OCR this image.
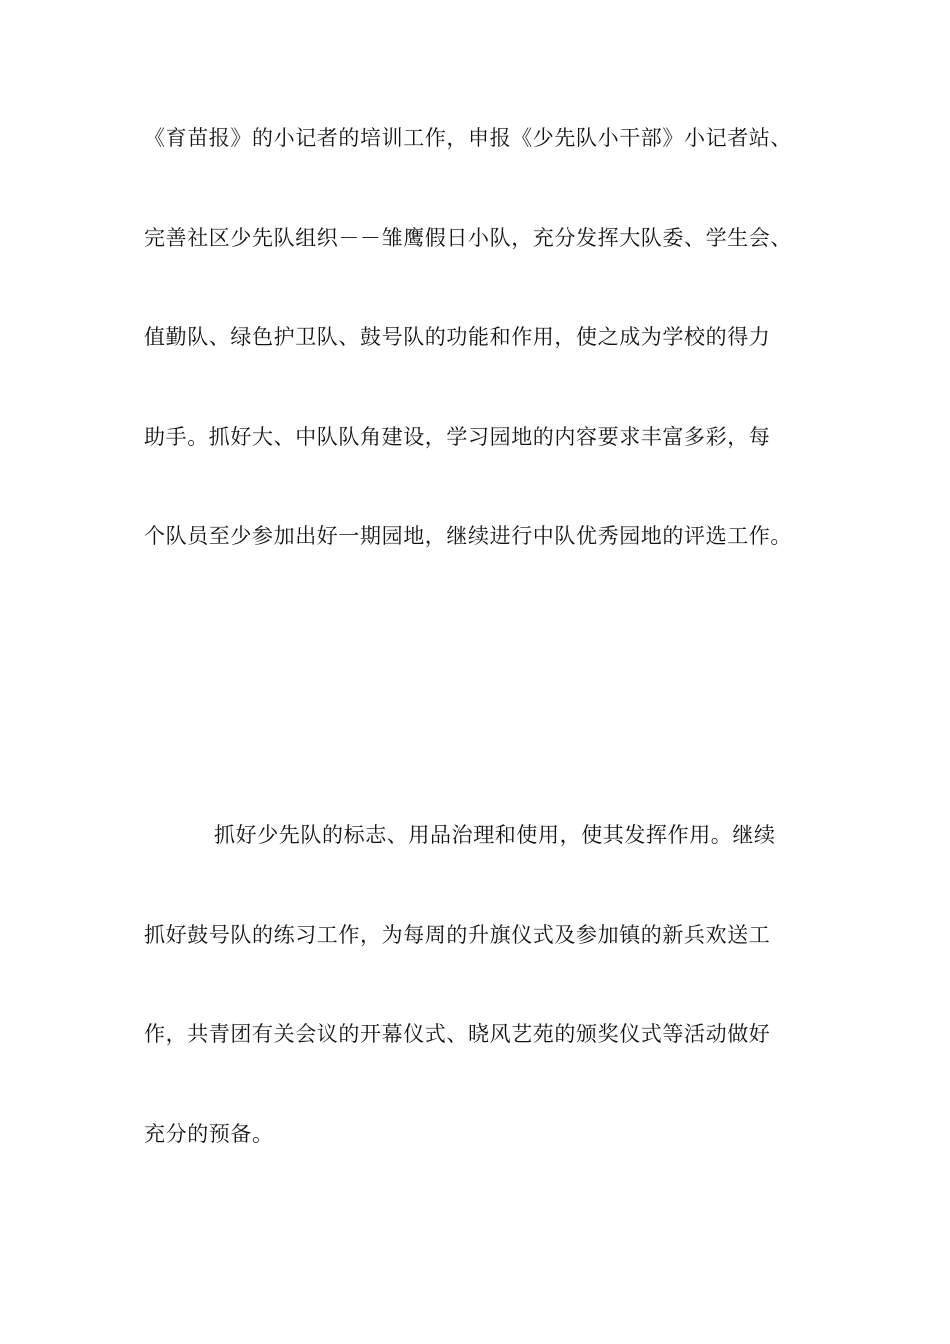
《育苗报》的小记者的培训工作，申报《少先队小干部》小记者站、
完善社区少先队组织－－雏鹰假日小队，充分发挥大队委、学生会、
值勤队、绿色护卫队、鼓号队的功能和作用，使之成为学校的得力
助手。抓好大、中队队角建设，学习园地的内容要求丰富多彩，每
个队员至少参加出好一期园地，继续进行中队优秀园地的评选工作。
抓好少先队的标志、用品治理和使用，使其发挥作用。继续
抓好鼓号队的练习工作，为每周的升旗仪式及参加镇的新兵欢送工
作，共青团有关会议的开幕仪式、晓风艺苑的颁奖仪式等活动做好
充分的预备。
